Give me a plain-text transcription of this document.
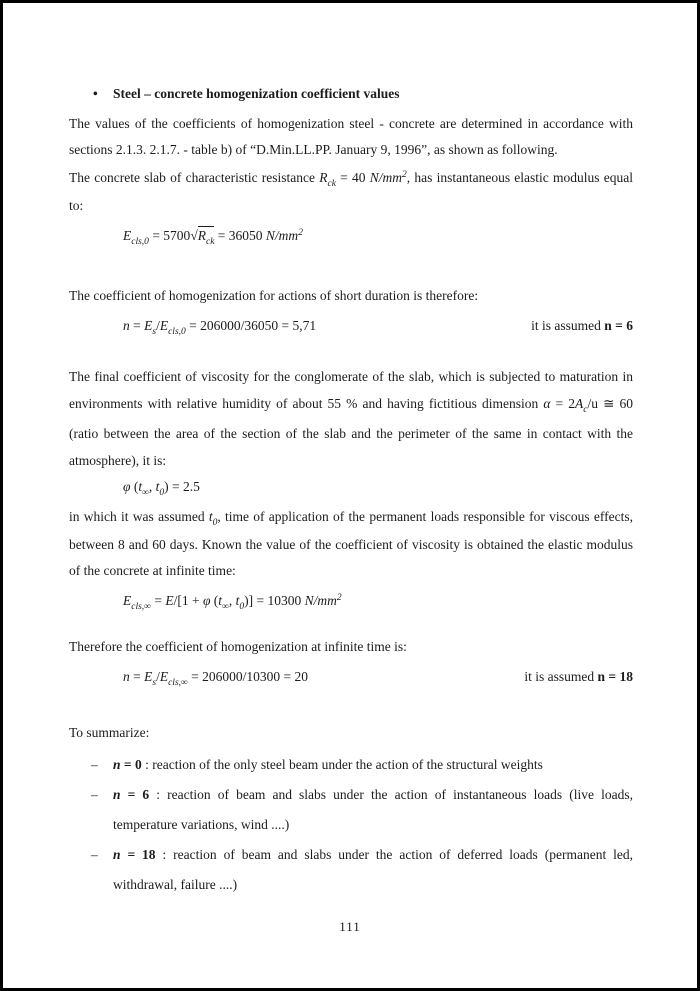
• Steel – concrete homogenization coefficient values

The values of the coefficients of homogenization steel - concrete are determined in accordance with sections 2.1.3. 2.1.7. - table b) of “D.Min.LL.PP. January 9, 1996”, as shown as following.

The concrete slab of characteristic resistance $R_{ck} = 40$ $N/mm^2$, has instantaneous elastic modulus equal to:

$E_{cls,0} = 5700√R_{ck} = 36050$ $N/mm^2$

The coefficient of homogenization for actions of short duration is therefore:

$n = E_s/E_{cls,0} = 206000/36050 = 5,71$	it is assumed n = 6

The final coefficient of viscosity for the conglomerate of the slab, which is subjected to maturation in environments with relative humidity of about 55 % and having fictitious dimension $\alpha = 2A_c/u$ ≅ 60 (ratio between the area of the section of the slab and the perimeter of the same in contact with the atmosphere), it is:

φ ($t_\infty$, $t_0) = 2.5$

in which it was assumed $t_0$, time of application of the permanent loads responsible for viscous effects, between 8 and 60 days. Known the value of the coefficient of viscosity is obtained the elastic modulus of the concrete at infinite time:

$E_{cls,\infty} = E/[1 + \varphi$ ($t_\infty$, $t_0)] = 10300$ $N/mm^2$

Therefore the coefficient of homogenization at infinite time is:

$n = E_s/E_{cls,\infty} = 206000/10300 = 20$	it is assumed n = 18

To summarize:

–	n = 0 : reaction of the only steel beam under the action of the structural weights
–	n = 6 : reaction of beam and slabs under the action of instantaneous loads (live loads, temperature variations, wind ....)
–	n = 18 : reaction of beam and slabs under the action of deferred loads (permanent led, withdrawal, failure ....)
111
